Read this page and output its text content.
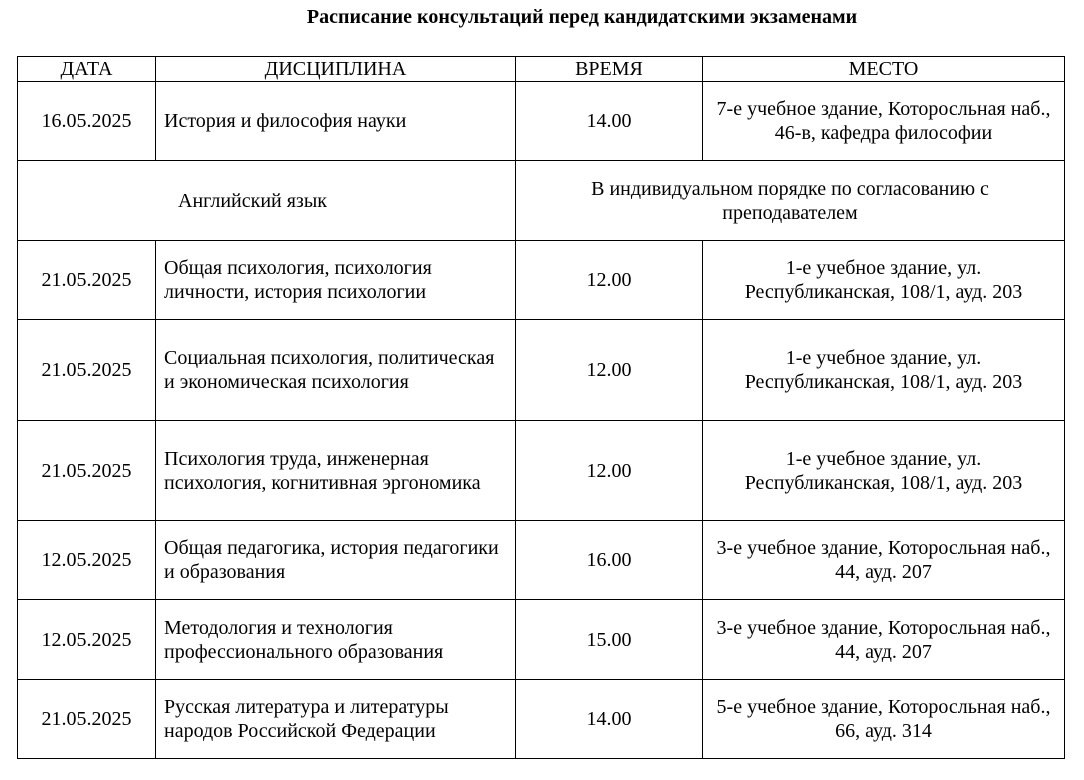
Расписание консультаций перед кандидатскими экзаменами
ДАТА	ДИСЦИПЛИНА	ВРЕМЯ	МЕСТО
16.05.2025	История и философия науки	14.00	7-е учебное здание, Которосльная наб., 46-в, кафедра философии
Английский язык		В индивидуальном порядке по согласованию с преподавателем	
21.05.2025	Общая психология, психология личности, история психологии	12.00	1-е учебное здание, ул. Республиканская, 108/1, ауд. 203
21.05.2025	Социальная психология, политическая и экономическая психология	12.00	1-е учебное здание, ул. Республиканская, 108/1, ауд. 203
21.05.2025	Психология труда, инженерная психология, когнитивная эргономика	12.00	1-е учебное здание, ул. Республиканская, 108/1, ауд. 203
12.05.2025	Общая педагогика, история педагогики и образования	16.00	3-е учебное здание, Которосльная наб., 44, ауд. 207
12.05.2025	Методология и технология профессионального образования	15.00	3-е учебное здание, Которосльная наб., 44, ауд. 207
21.05.2025	Русская литература и литературы народов Российской Федерации	14.00	5-е учебное здание, Которосльная наб., 66, ауд. 314
